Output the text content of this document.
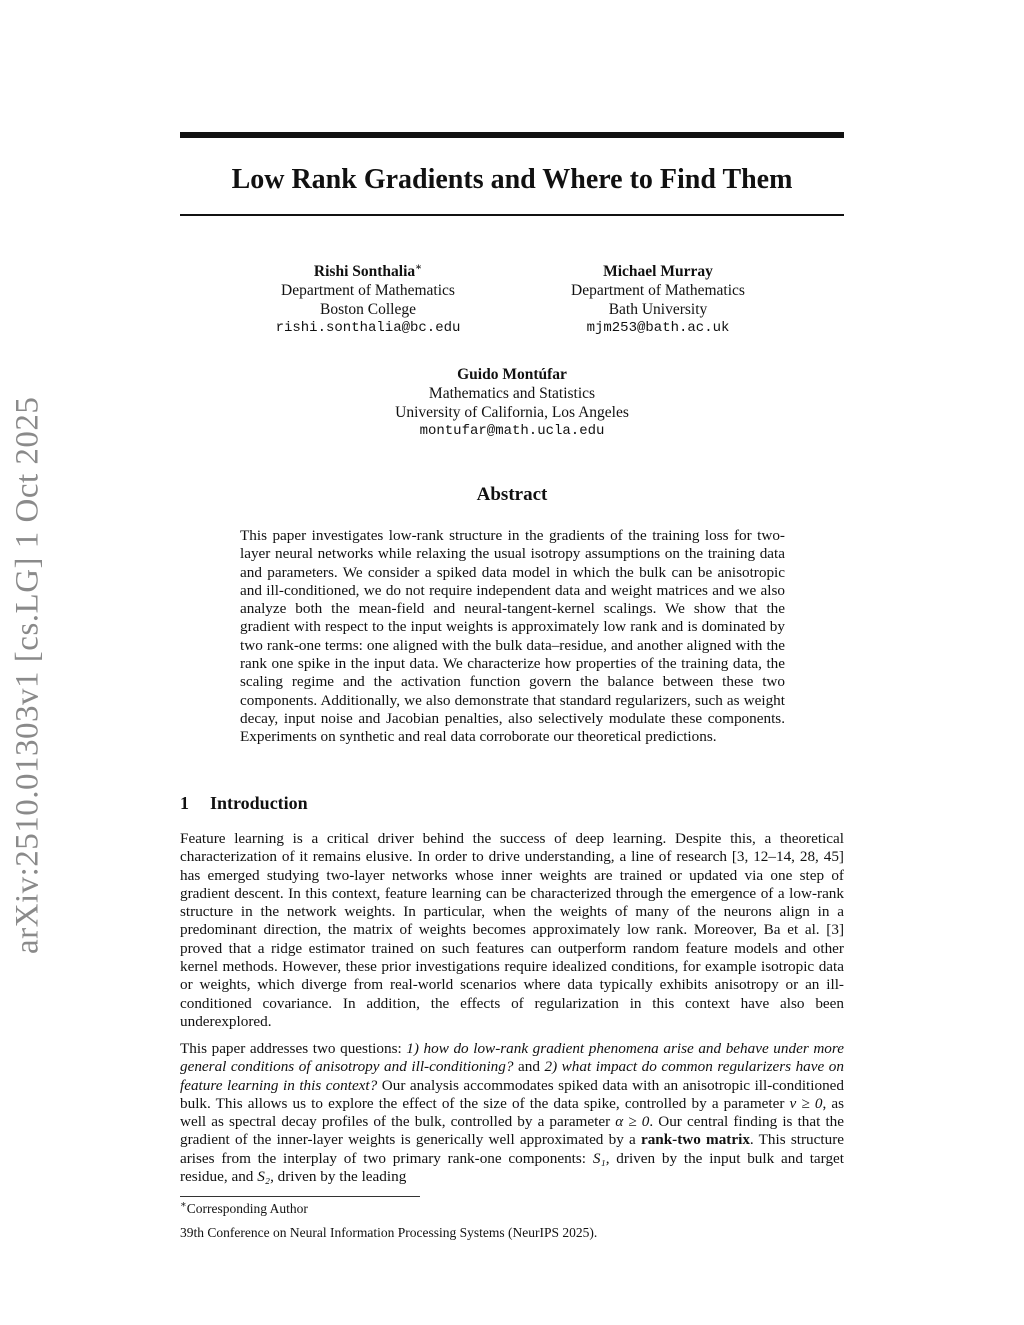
arXiv:2510.01303v1 [cs.LG] 1 Oct 2025
Low Rank Gradients and Where to Find Them
Rishi Sonthalia∗
Department of Mathematics
Boston College
rishi.sonthalia@bc.edu
Michael Murray
Department of Mathematics
Bath University
mjm253@bath.ac.uk
Guido Montúfar
Mathematics and Statistics
University of California, Los Angeles
montufar@math.ucla.edu
Abstract
This paper investigates low-rank structure in the gradients of the training loss for two-layer neural networks while relaxing the usual isotropy assumptions on the training data and parameters. We consider a spiked data model in which the bulk can be anisotropic and ill-conditioned, we do not require independent data and weight matrices and we also analyze both the mean-field and neural-tangent-kernel scalings. We show that the gradient with respect to the input weights is approximately low rank and is dominated by two rank-one terms: one aligned with the bulk data–residue, and another aligned with the rank one spike in the input data. We characterize how properties of the training data, the scaling regime and the activation function govern the balance between these two components. Additionally, we also demonstrate that standard regularizers, such as weight decay, input noise and Jacobian penalties, also selectively modulate these components. Experiments on synthetic and real data corroborate our theoretical predictions.
1 Introduction
Feature learning is a critical driver behind the success of deep learning. Despite this, a theoretical characterization of it remains elusive. In order to drive understanding, a line of research [3, 12–14, 28, 45] has emerged studying two-layer networks whose inner weights are trained or updated via one step of gradient descent. In this context, feature learning can be characterized through the emergence of a low-rank structure in the network weights. In particular, when the weights of many of the neurons align in a predominant direction, the matrix of weights becomes approximately low rank. Moreover, Ba et al. [3] proved that a ridge estimator trained on such features can outperform random feature models and other kernel methods. However, these prior investigations require idealized conditions, for example isotropic data or weights, which diverge from real-world scenarios where data typically exhibits anisotropy or an ill-conditioned covariance. In addition, the effects of regularization in this context have also been underexplored.
This paper addresses two questions: 1) how do low-rank gradient phenomena arise and behave under more general conditions of anisotropy and ill-conditioning? and 2) what impact do common regularizers have on feature learning in this context? Our analysis accommodates spiked data with an anisotropic ill-conditioned bulk. This allows us to explore the effect of the size of the data spike, controlled by a parameter ν ≥ 0, as well as spectral decay profiles of the bulk, controlled by a parameter α ≥ 0. Our central finding is that the gradient of the inner-layer weights is generically well approximated by a rank-two matrix. This structure arises from the interplay of two primary rank-one components: S₁, driven by the input bulk and target residue, and S₂, driven by the leading
∗Corresponding Author
39th Conference on Neural Information Processing Systems (NeurIPS 2025).
